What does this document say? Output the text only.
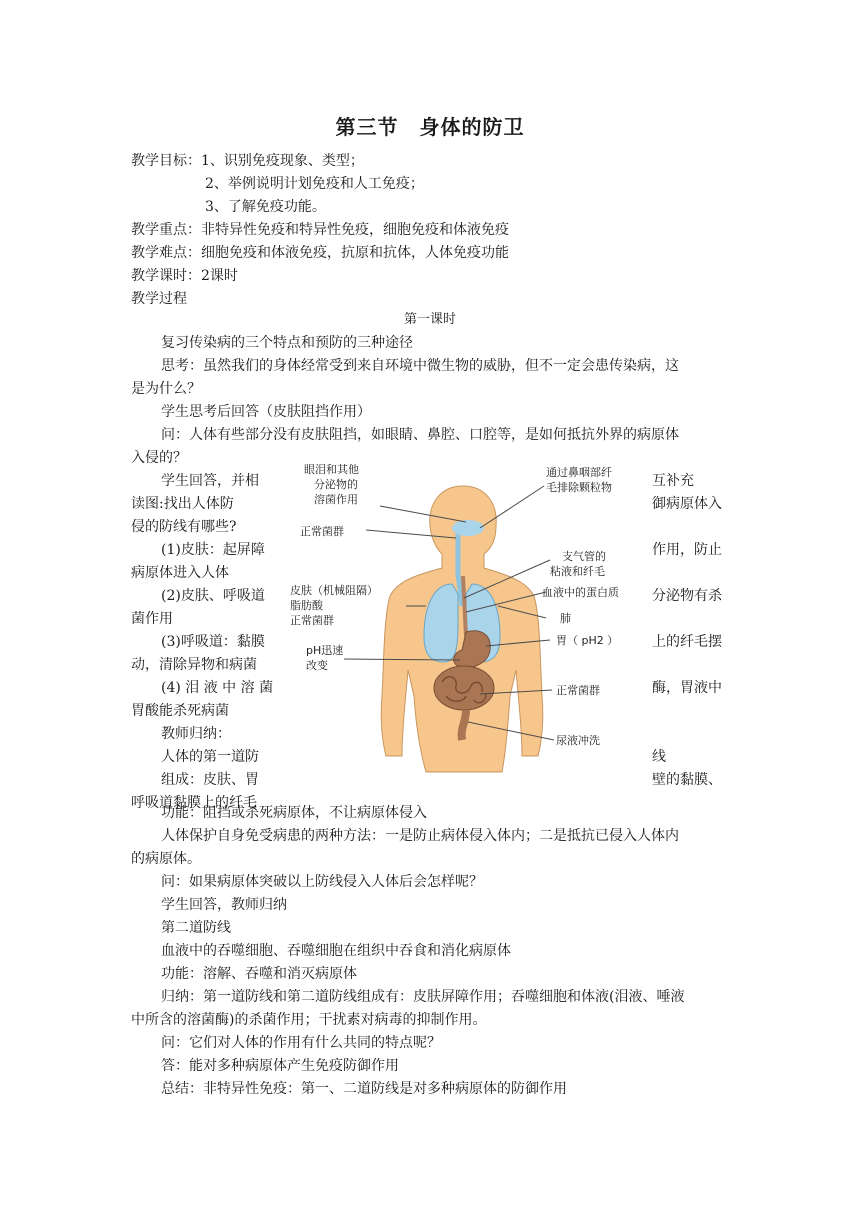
第三节　身体的防卫
教学目标：1、识别免疫现象、类型；
2、举例说明计划免疫和人工免疫；
3、了解免疫功能。
教学重点：非特异性免疫和特异性免疫，细胞免疫和体液免疫
教学难点：细胞免疫和体液免疫，抗原和抗体，人体免疫功能
教学课时：2课时
教学过程
第一课时
复习传染病的三个特点和预防的三种途径
思考：虽然我们的身体经常受到来自环境中微生物的威胁，但不一定会患传染病，这
是为什么？
学生思考后回答（皮肤阻挡作用）
问：人体有些部分没有皮肤阻挡，如眼睛、鼻腔、口腔等，是如何抵抗外界的病原体
入侵的？
学生回答，并相
读图:找出人体防
侵的防线有哪些?
(1)皮肤：起屏障
病原体进入人体
(2)皮肤、呼吸道
菌作用
(3)呼吸道：黏膜
动，清除异物和病菌
(4) 泪 液 中 溶 菌
胃酸能杀死病菌
教师归纳：
人体的第一道防
组成：皮肤、胃
呼吸道黏膜上的纤毛
互补充
御病原体入
作用，防止
分泌物有杀
上的纤毛摆
酶，胃液中
线
壁的黏膜、
眼泪和其他
分泌物的
溶菌作用
正常菌群
皮肤（机械阻隔）
脂肪酸
正常菌群
pH迅速
改变
通过鼻咽部纤
毛排除颗粒物
支气管的
粘液和纤毛
血液中的蛋白质
肺
胃（ pH2 ）
正常菌群
尿液冲洗
功能：阻挡或杀死病原体，不让病原体侵入
人体保护自身免受病患的两种方法：一是防止病体侵入体内；二是抵抗已侵入人体内
的病原体。
问：如果病原体突破以上防线侵入人体后会怎样呢？
学生回答，教师归纳
第二道防线
血液中的吞噬细胞、吞噬细胞在组织中吞食和消化病原体
功能：溶解、吞噬和消灭病原体
归纳：第一道防线和第二道防线组成有：皮肤屏障作用；吞噬细胞和体液(泪液、唾液
中所含的溶菌酶)的杀菌作用；干扰素对病毒的抑制作用。
问：它们对人体的作用有什么共同的特点呢？
答：能对多种病原体产生免疫防御作用
总结：非特异性免疫：第一、二道防线是对多种病原体的防御作用
